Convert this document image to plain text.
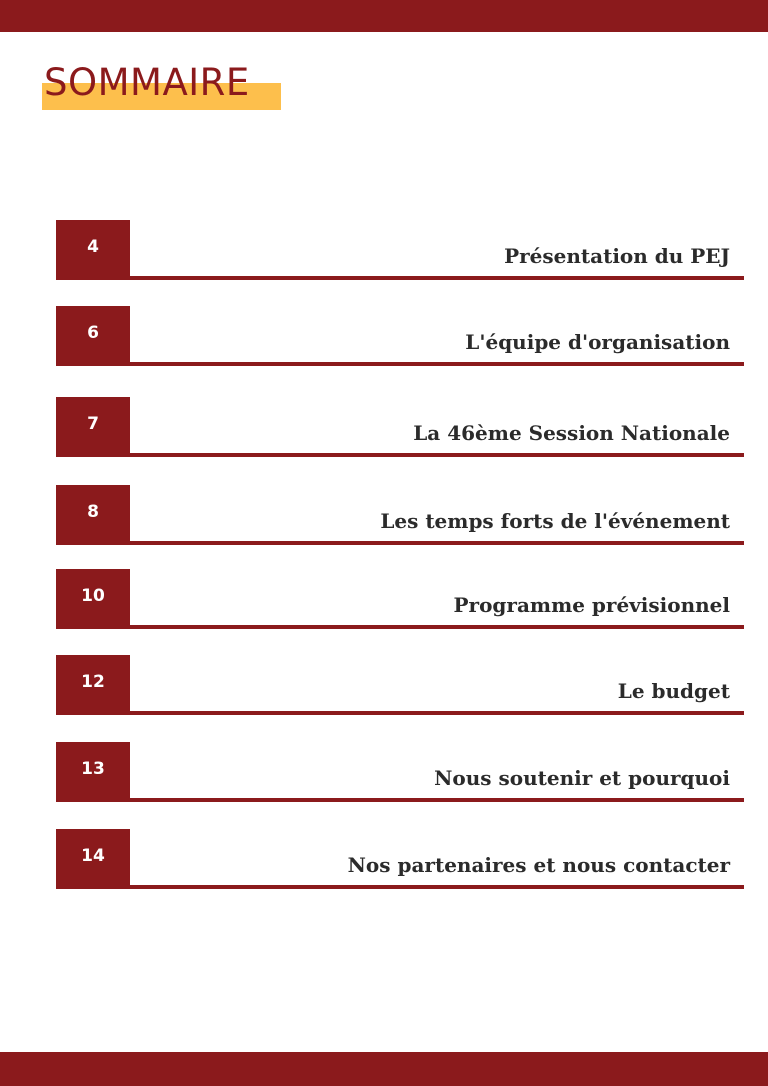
SOMMAIRE
4	Présentation du PEJ
6	L'équipe d'organisation
7	La 46ème Session Nationale
8	Les temps forts de l'événement
10	Programme prévisionnel
12	Le budget
13	Nous soutenir et pourquoi
14	Nos partenaires et nous contacter
